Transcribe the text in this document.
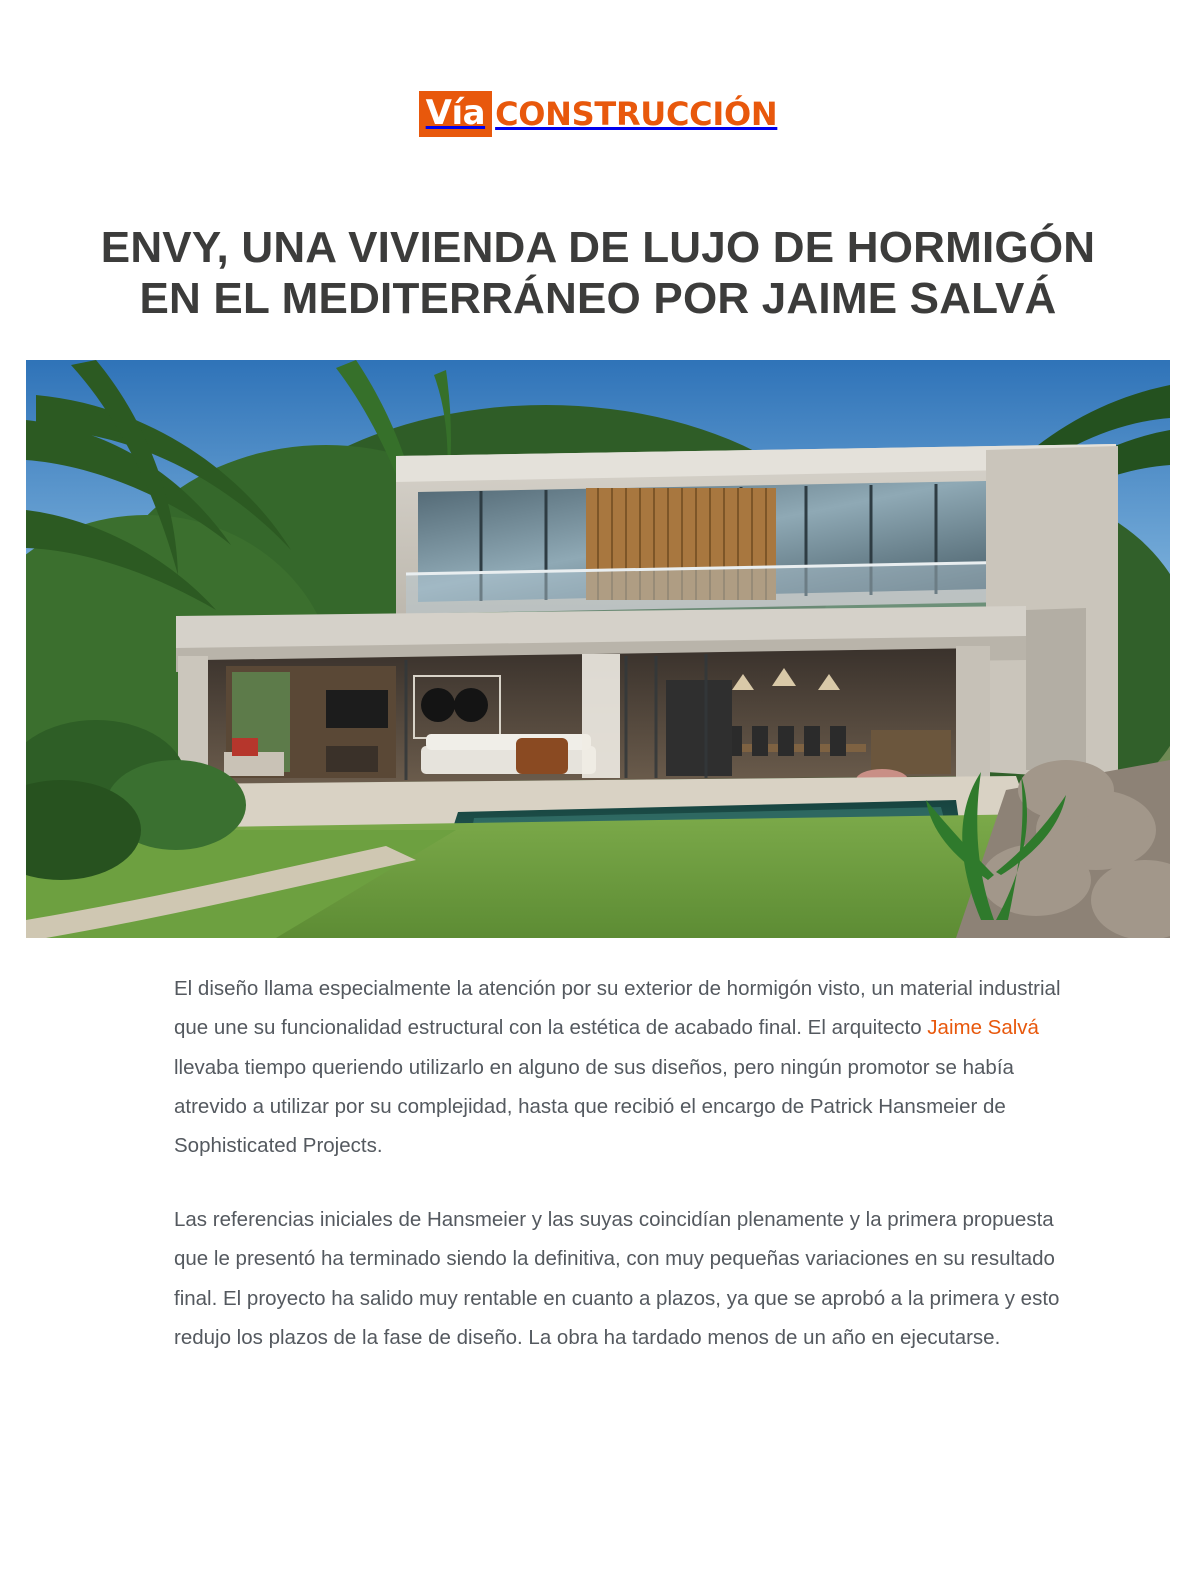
Vía CONSTRUCCIÓN
ENVY, UNA VIVIENDA DE LUJO DE HORMIGÓN EN EL MEDITERRÁNEO POR JAIME SALVÁ

El diseño llama especialmente la atención por su exterior de hormigón visto, un material industrial que une su funcionalidad estructural con la estética de acabado final. El arquitecto Jaime Salvá llevaba tiempo queriendo utilizarlo en alguno de sus diseños, pero ningún promotor se había atrevido a utilizar por su complejidad, hasta que recibió el encargo de Patrick Hansmeier de Sophisticated Projects.

Las referencias iniciales de Hansmeier y las suyas coincidían plenamente y la primera propuesta que le presentó ha terminado siendo la definitiva, con muy pequeñas variaciones en su resultado final. El proyecto ha salido muy rentable en cuanto a plazos, ya que se aprobó a la primera y esto redujo los plazos de la fase de diseño. La obra ha tardado menos de un año en ejecutarse.
